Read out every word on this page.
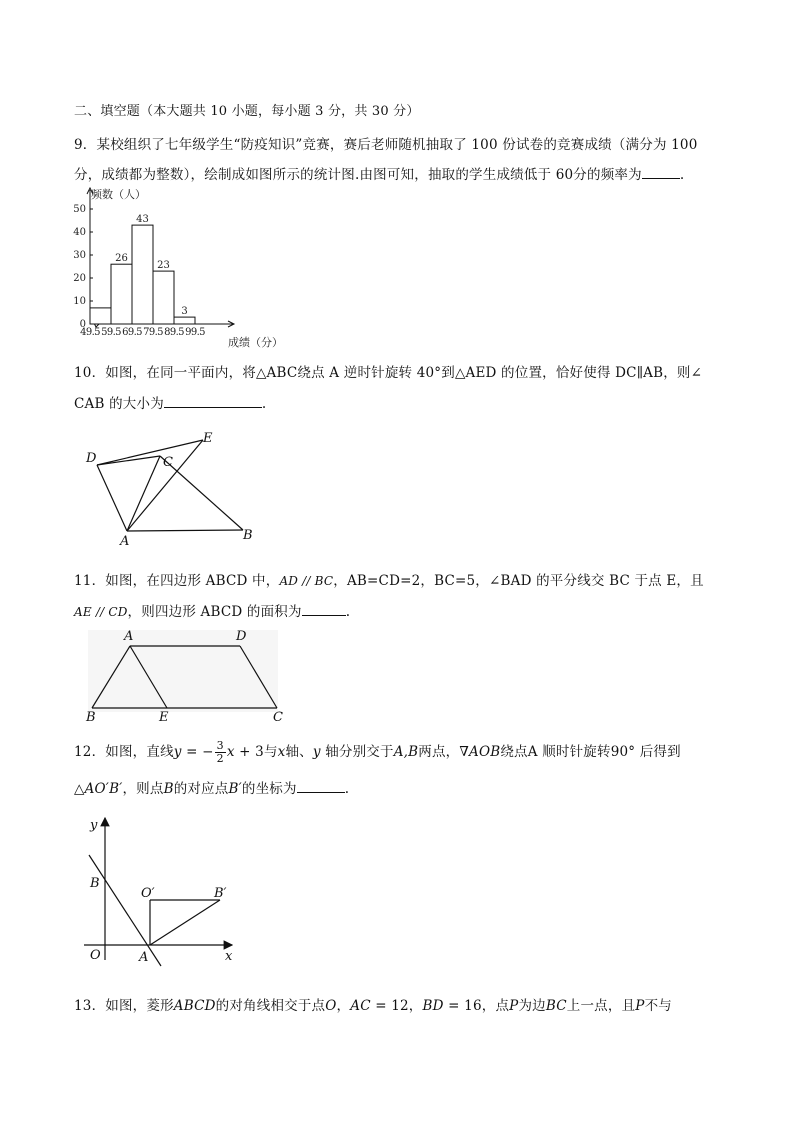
二、填空题（本大题共 10 小题，每小题 3 分，共 30 分）
9．某校组织了七年级学生“防疫知识”竞赛，赛后老师随机抽取了 100 份试卷的竞赛成绩（满分为 100
分，成绩都为整数），绘制成如图所示的统计图.由图可知，抽取的学生成绩低于 60分的频率为	.
频数（人）
0
10
20
30
40
50
26
43
23
3
49.5 59.5 69.5 79.5 89.5 99.5
成绩（分）
10．如图，在同一平面内，将△ABC绕点 A 逆时针旋转 40°到△AED 的位置，恰好使得 DC∥AB，则∠
CAB 的大小为	.
D	C
E
A	B
11．如图，在四边形 ABCD 中，AD // BC，AB=CD=2，BC=5，∠BAD 的平分线交 BC 于点 E，且
AE // CD，则四边形 ABCD 的面积为	.
A	D
B	E	C
12．如图，直线y = − $\frac{3}{2}$ x + 3与x轴、y 轴分别交于A,B两点，∇AOB绕点A 顺时针旋转90° 后得到
△AO′B′，则点B的对应点B′的坐标为	.
y
x
O	A
B
O′	B′
13．如图，菱形ABCD的对角线相交于点O，AC = 12，BD = 16，点P为边BC上一点，且P不与
